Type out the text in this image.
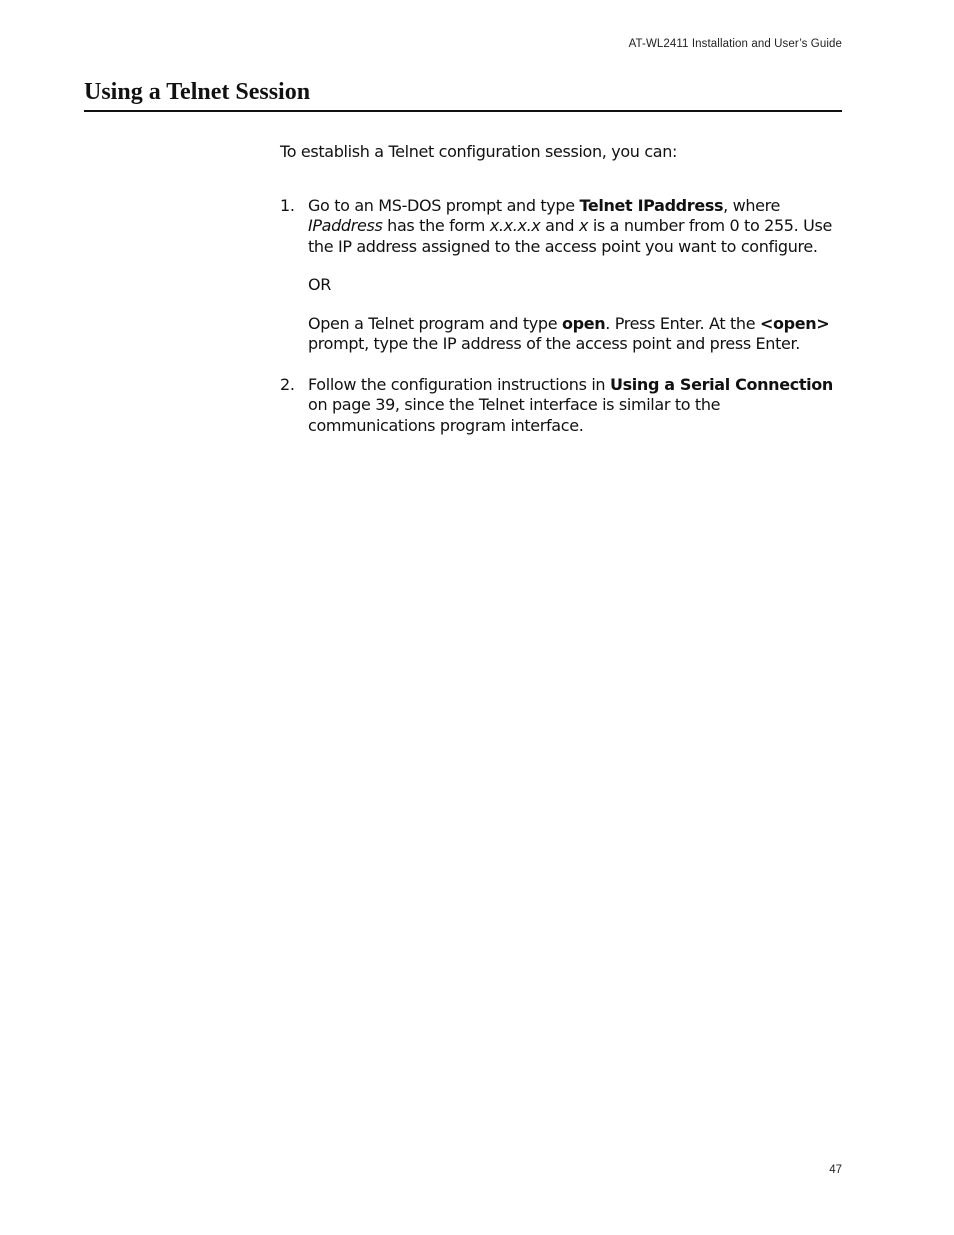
AT-WL2411 Installation and User’s Guide
Using a Telnet Session

To establish a Telnet configuration session, you can:

1. Go to an MS-DOS prompt and type Telnet IPaddress, where IPaddress has the form x.x.x.x and x is a number from 0 to 255. Use the IP address assigned to the access point you want to configure.

OR

Open a Telnet program and type open. Press Enter. At the <open> prompt, type the IP address of the access point and press Enter.

2. Follow the configuration instructions in Using a Serial Connection on page 39, since the Telnet interface is similar to the communications program interface.

47
